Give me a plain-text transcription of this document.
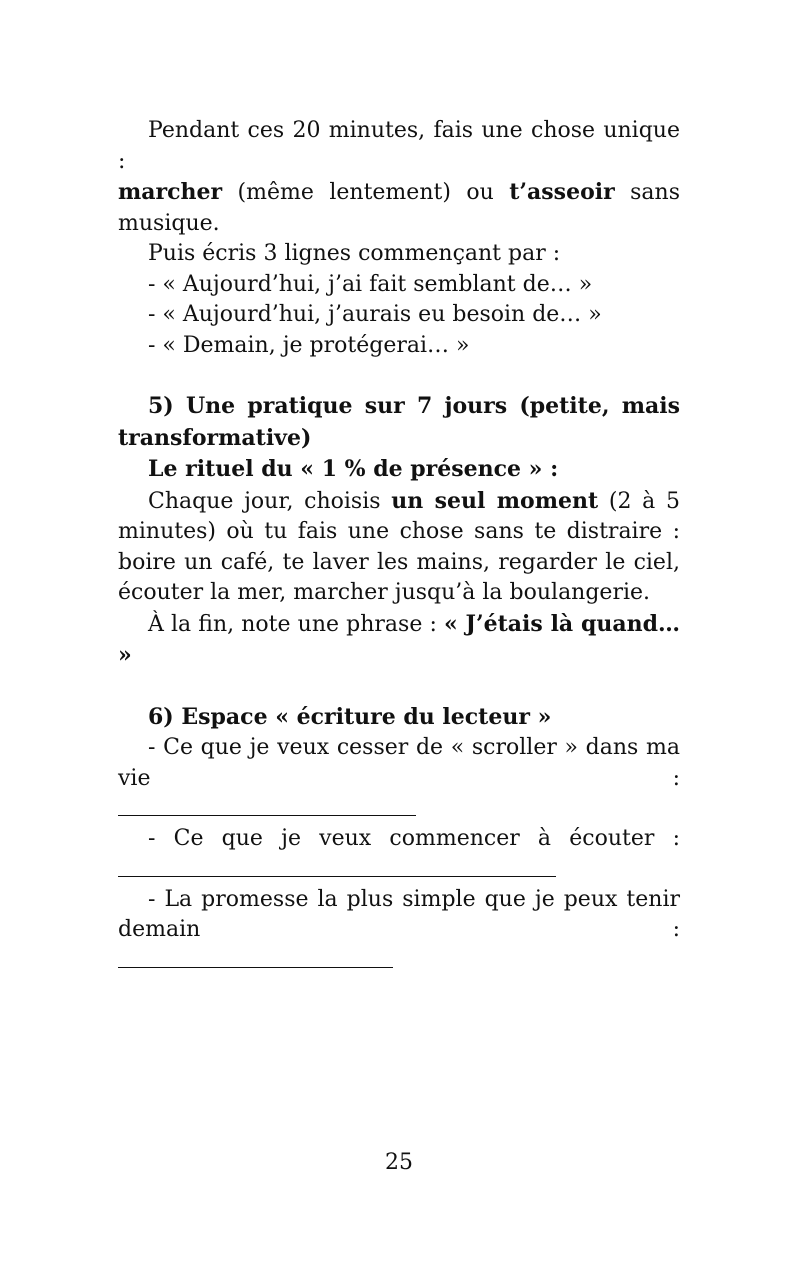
Pendant ces 20 minutes, fais une chose unique :

marcher (même lentement) ou t’asseoir sans musique.

Puis écris 3 lignes commençant par :

- « Aujourd’hui, j’ai fait semblant de… »

- « Aujourd’hui, j’aurais eu besoin de… »

- « Demain, je protégerai… »

5) Une pratique sur 7 jours (petite, mais transformative)

Le rituel du « 1 % de présence » :

Chaque jour, choisis un seul moment (2 à 5 minutes) où tu fais une chose sans te distraire : boire un café, te laver les mains, regarder le ciel, écouter la mer, marcher jusqu’à la boulangerie.

À la fin, note une phrase : « J’étais là quand… »

6) Espace « écriture du lecteur »

- Ce que je veux cesser de « scroller » dans ma vie :

- Ce que je veux commencer à écouter :

- La promesse la plus simple que je peux tenir demain :

25
